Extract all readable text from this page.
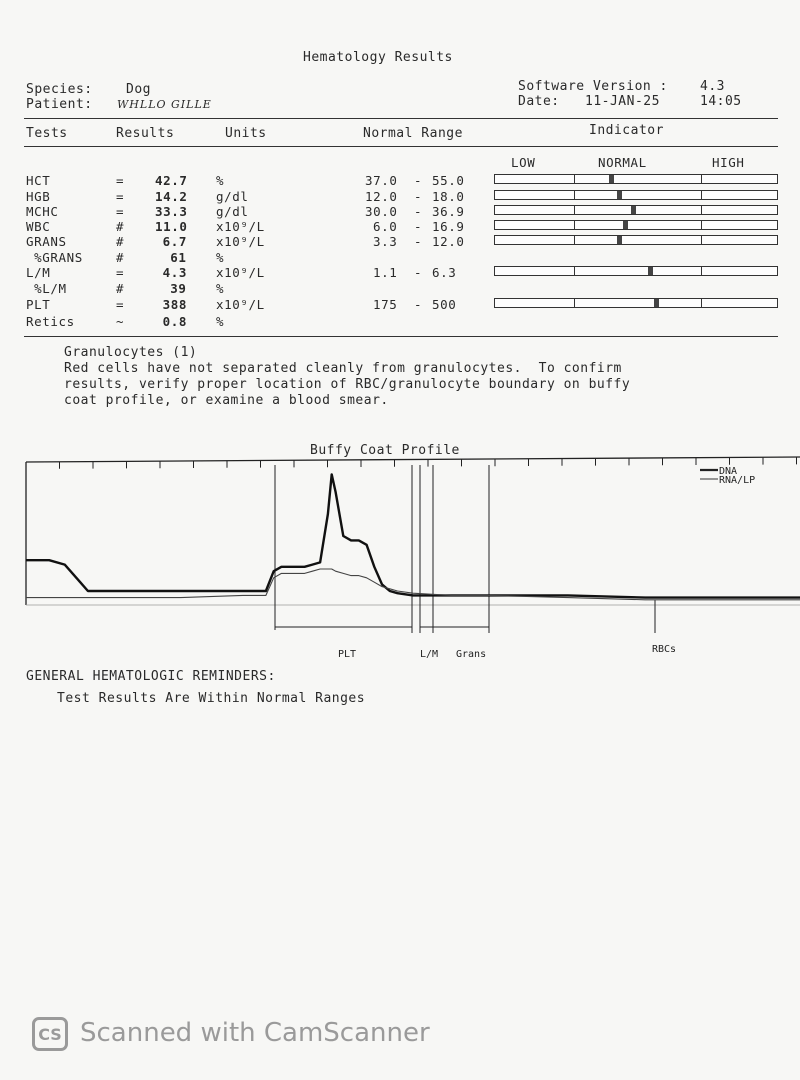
Hematology Results
Species:	Dog
Patient: WHLLO GILLE
Software Version : 4.3
Date: 11-JAN-25	14:05
Tests	Results	Units	Normal Range	Indicator
LOW	NORMAL	HIGH
HCT	= 42.7 %	37.0 - 55.0
HGB	= 14.2 g/dl	12.0 - 18.0
MCHC	= 33.3 g/dl	30.0 - 36.9
WBC	# 11.0 x10⁹/L	6.0 - 16.9
GRANS	#	6.7 x10⁹/L	3.3 - 12.0
%GRANS	#	61 %
L/M	=	4.3 x10⁹/L	1.1 - 6.3
%L/M	#	39 %
PLT	=	388 x10⁹/L	175 - 500
Retics	~	0.8 %
Granulocytes (1)
Red cells have not separated cleanly from granulocytes.  To confirm
results, verify proper location of RBC/granulocyte boundary on buffy
coat profile, or examine a blood smear.
Buffy Coat Profile
DNA
RNA/LP
PLT	L/M Grans	RBCs
GENERAL HEMATOLOGIC REMINDERS:
Test Results Are Within Normal Ranges
CS Scanned with CamScanner
